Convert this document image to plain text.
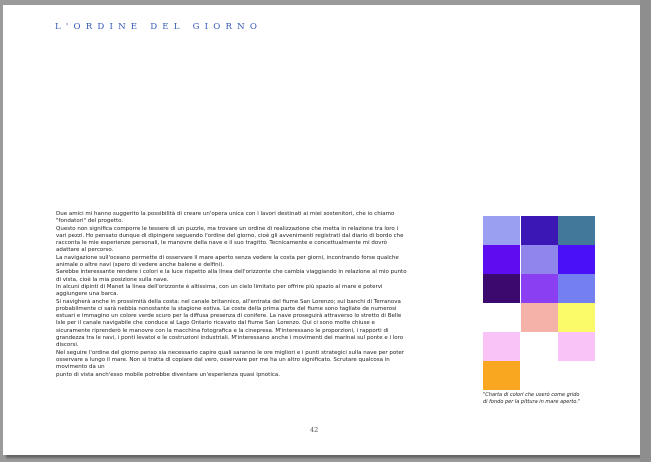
L'ORDINE DEL GIORNO

Due amici mi hanno suggerito la possibilità di creare un'opera unica con i lavori destinati ai miei sostenitori, che io chiamo "fondatori" del progetto.

Questo non significa comporre le tessere di un puzzle, ma trovare un ordine di realizzazione che metta in relazione tra loro i vari pezzi. Ho pensato dunque di dipingere seguendo l'ordine del giorno, cioè gli avvenimenti registrati dal diario di bordo che racconta le mie esperienze personali, le manovre della nave e il suo tragitto. Tecnicamente e concettualmente mi dovrò adattare al percorso.

La navigazione sull'oceano permette di osservare il mare aperto senza vedere la costa per giorni, incontrando forse qualche animale o altre navi (spero di vedere anche balene e delfini).

Sarebbe interessante rendere i colori e la luce rispetto alla linea dell'orizzonte che cambia viaggiando in relazione al mio punto di vista, cioè la mia posizione sulla nave.

In alcuni dipinti di Manet la linea dell'orizzonte è altissima, con un cielo limitato per offrire più spazio al mare e potervi aggiungere una barca.

Si navigherà anche in prossimità della costa: nel canale britannico, all'entrata del fiume San Lorenzo; sui banchi di Terranova probabilmente ci sarà nebbia nonostante la stagione estiva. Le coste della prima parte del fiume sono tagliate de numerosi estuari e immagino un colore verde scuro per la diffusa presenza di conifere. La nave proseguirà attraverso lo stretto di Belle Isle per il canale navigabile che conduce al Lago Ontario ricavato dal fiume San Lorenzo. Qui ci sono molte chiuse e sicuramente riprenderò le manovre con la macchina fotografica e la cinepresa. M'interessano le proporzioni, i rapporti di grandezza tra le navi, i ponti levatoi e le costruzioni industriali. M'interessano anche i movimenti dei marinai sul ponte e i loro discorsi.

Nel seguire l'ordine del giorno penso sia necessario capire quali saranno le ore migliori e i punti strategici sulla nave per poter osservare a lungo il mare. Non si tratta di copiare dal vero, osservare per me ha un altro significato. Scrutare qualcosa in movimento da un

punto di vista anch'esso mobile potrebbe diventare un'esperienza quasi ipnotica.

"Charta di colori che userò come grido di fondo per la pittura in mare aperto."
42
